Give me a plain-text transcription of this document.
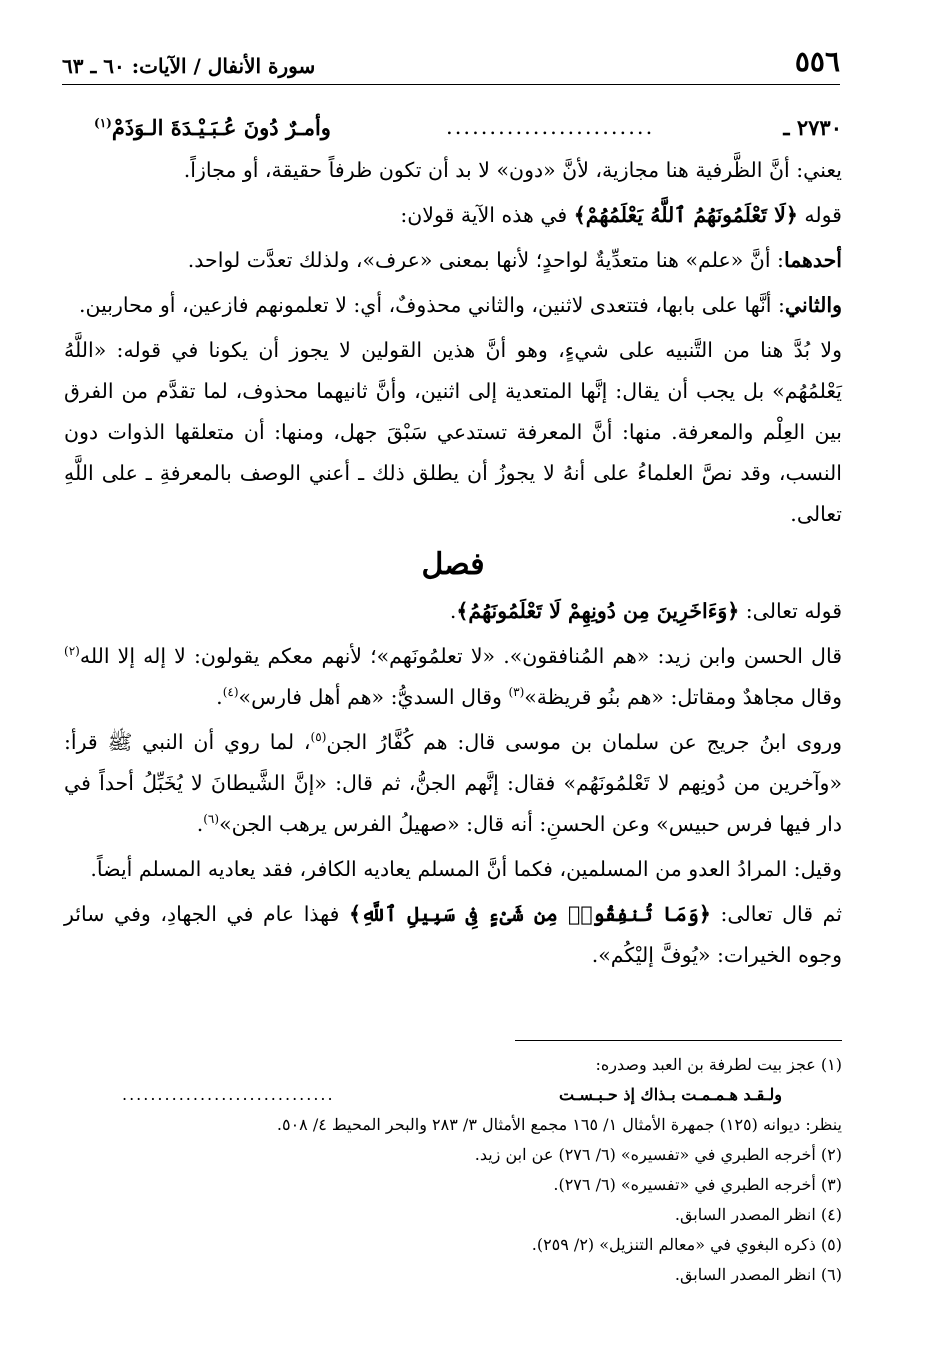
٥٥٦
سورة الأنفال / الآيات: ٦٠ ـ ٦٣
٢٧٣٠ ـ
........................
وأمـرٌ دُونَ عُـبَـيْـدَةَ الـوَذَمْ$^{(١)}$

يعني: أنَّ الظَّرفية هنا مجازية، لأنَّ «دون» لا بد أن تكون ظرفاً حقيقة، أو مجازاً.

قوله ﴿لَا تَعْلَمُونَهُمُ ٱللَّهُ يَعْلَمُهُمْ﴾ في هذه الآية قولان:

أحدهما: أنَّ «علم» هنا متعدِّيةٌ لواحدٍ؛ لأنها بمعنى «عرف»، ولذلك تعدَّت لواحد.

والثاني: أنَّها على بابها، فتتعدى لاثنين، والثاني محذوفٌ، أي: لا تعلمونهم فازعين، أو محاربين.

ولا بُدَّ هنا من التَّنبيه على شيءٍ، وهو أنَّ هذين القولين لا يجوز أن يكونا في قوله: «اللَّهُ يَعْلمُهُم» بل يجب أن يقال: إنَّها المتعدية إلى اثنين، وأنَّ ثانيهما محذوف، لما تقدَّم من الفرق بين العِلْم والمعرفة. منها: أنَّ المعرفة تستدعي سَبْقَ جهل، ومنها: أن متعلقها الذوات دون النسب، وقد نصَّ العلماءُ على أنهُ لا يجوزُ أن يطلق ذلك ـ أعني الوصف بالمعرفةِ ـ على اللَّهِ تعالى.

فصل

قوله تعالى: ﴿وَءَاخَرِينَ مِن دُونِهِمْ لَا تَعْلَمُونَهُمُ﴾.

قال الحسن وابن زيد: «هم المُنافقون». «لا تعلمُونَهم»؛ لأنهم معكم يقولون: لا إله إلا الله$^{(٢)}$ وقال مجاهدٌ ومقاتل: «هم بنُو قريظة»$^{(٣)}$ وقال السديُّ: «هم أهل فارس»$^{(٤)}$.

وروى ابنُ جريج عن سلمان بن موسى قال: هم كُفَّارُ الجن$^{(٥)}$، لما روي أن النبي ﷺ قرأ: «وآخرين من دُونِهم لا تَعْلمُونَهُم» فقال: إنَّهم الجنُّ، ثم قال: «إنَّ الشَّيطانَ لا يُخَبِّلُ أحداً في دار فيها فرس حبيس» وعن الحسنِ: أنه قال: «صهيلُ الفرس يرهب الجن»$^{(٦)}$.

وقيل: المرادُ العدو من المسلمين، فكما أنَّ المسلم يعاديه الكافر، فقد يعاديه المسلم أيضاً.

ثم قال تعالى: ﴿وَمَا تُنفِقُوا۟ مِن شَىْءٍ فِى سَبِيلِ ٱللَّهِ﴾ فهذا عام في الجهادِ، وفي سائر وجوه الخيرات: «يُوفَّ إليْكُم».

(١) عجز بيت لطرفة بن العبد وصدره:
ولـقـد هـمـمـت بـذاك إذ حـبـسـت
..............................
ينظر: ديوانه (١٢٥) جمهرة الأمثال ١/ ١٦٥ مجمع الأمثال ٣/ ٢٨٣ والبحر المحيط ٤/ ٥٠٨.
(٢) أخرجه الطبري في «تفسيره» (٦/ ٢٧٦) عن ابن زيد.
(٣) أخرجه الطبري في «تفسيره» (٦/ ٢٧٦).
(٤) انظر المصدر السابق.
(٥) ذكره البغوي في «معالم التنزيل» (٢/ ٢٥٩).
(٦) انظر المصدر السابق.
